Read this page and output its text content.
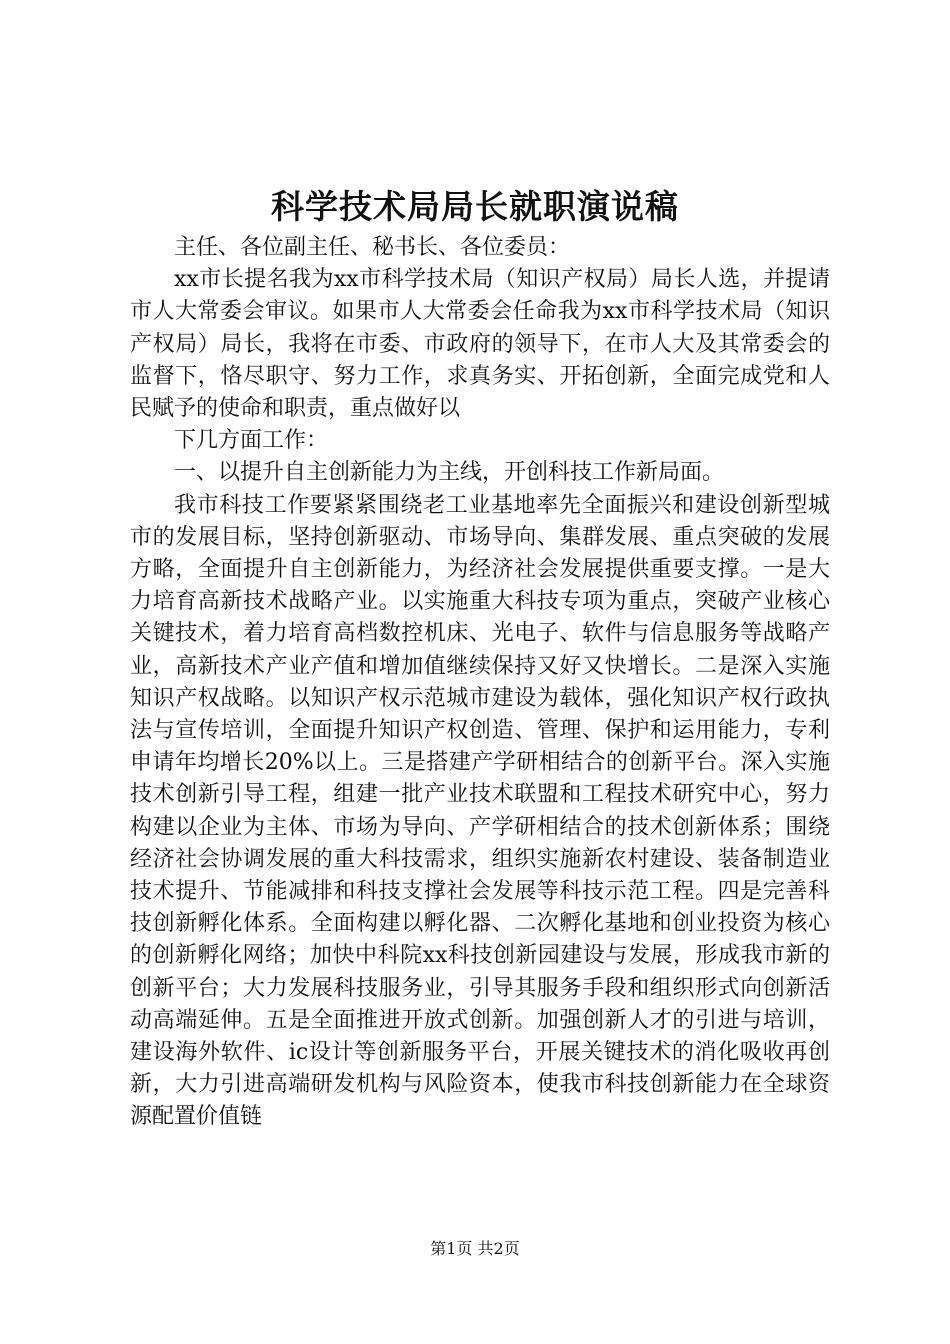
科学技术局局长就职演说稿

主任、各位副主任、秘书长、各位委员：

xx市长提名我为xx市科学技术局（知识产权局）局长人选，并提请市人大常委会审议。如果市人大常委会任命我为xx市科学技术局（知识产权局）局长，我将在市委、市政府的领导下，在市人大及其常委会的监督下，恪尽职守、努力工作，求真务实、开拓创新，全面完成党和人民赋予的使命和职责，重点做好以

下几方面工作：

一、以提升自主创新能力为主线，开创科技工作新局面。

我市科技工作要紧紧围绕老工业基地率先全面振兴和建设创新型城市的发展目标，坚持创新驱动、市场导向、集群发展、重点突破的发展方略，全面提升自主创新能力，为经济社会发展提供重要支撑。一是大力培育高新技术战略产业。以实施重大科技专项为重点，突破产业核心关键技术，着力培育高档数控机床、光电子、软件与信息服务等战略产业，高新技术产业产值和增加值继续保持又好又快增长。二是深入实施知识产权战略。以知识产权示范城市建设为载体，强化知识产权行政执法与宣传培训，全面提升知识产权创造、管理、保护和运用能力，专利申请年均增长20%以上。三是搭建产学研相结合的创新平台。深入实施技术创新引导工程，组建一批产业技术联盟和工程技术研究中心，努力构建以企业为主体、市场为导向、产学研相结合的技术创新体系；围绕经济社会协调发展的重大科技需求，组织实施新农村建设、装备制造业技术提升、节能减排和科技支撑社会发展等科技示范工程。四是完善科技创新孵化体系。全面构建以孵化器、二次孵化基地和创业投资为核心的创新孵化网络；加快中科院xx科技创新园建设与发展，形成我市新的创新平台；大力发展科技服务业，引导其服务手段和组织形式向创新活动高端延伸。五是全面推进开放式创新。加强创新人才的引进与培训，建设海外软件、ic设计等创新服务平台，开展关键技术的消化吸收再创新，大力引进高端研发机构与风险资本，使我市科技创新能力在全球资源配置价值链

第1页 共2页
